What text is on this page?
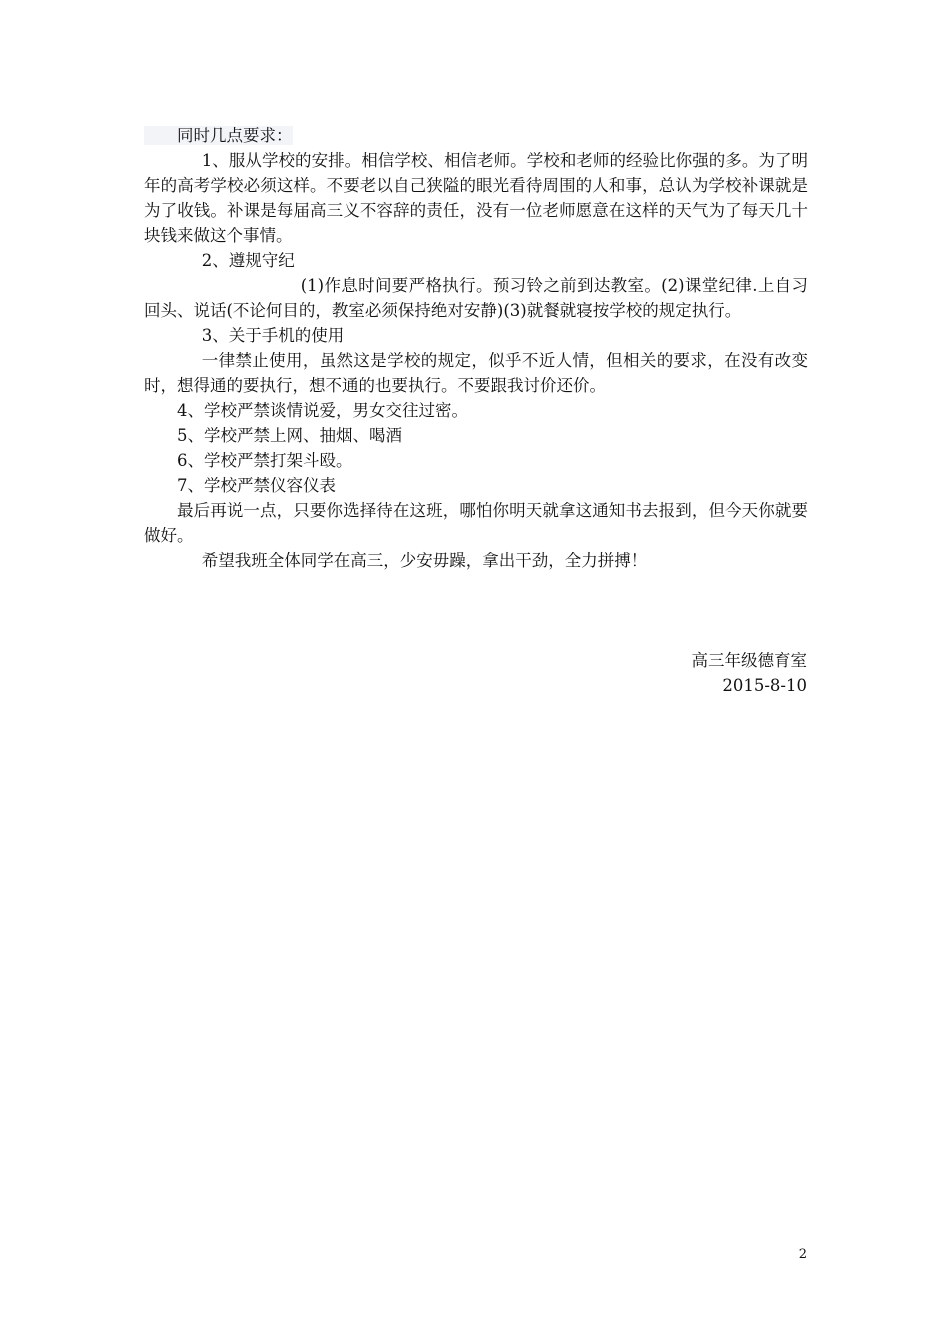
同时几点要求：

1、服从学校的安排。相信学校、相信老师。学校和老师的经验比你强的多。为了明年的高考学校必须这样。不要老以自己狭隘的眼光看待周围的人和事，总认为学校补课就是为了收钱。补课是每届高三义不容辞的责任，没有一位老师愿意在这样的天气为了每天几十块钱来做这个事情。

2、遵规守纪

(1)作息时间要严格执行。预习铃之前到达教室。(2)课堂纪律.上自习回头、说话(不论何目的，教室必须保持绝对安静)(3)就餐就寝按学校的规定执行。

3、关于手机的使用

一律禁止使用，虽然这是学校的规定，似乎不近人情，但相关的要求，在没有改变时，想得通的要执行，想不通的也要执行。不要跟我讨价还价。

4、学校严禁谈情说爱，男女交往过密。

5、学校严禁上网、抽烟、喝酒

6、学校严禁打架斗殴。

7、学校严禁仪容仪表

最后再说一点，只要你选择待在这班，哪怕你明天就拿这通知书去报到，但今天你就要做好。

希望我班全体同学在高三，少安毋躁，拿出干劲，全力拼搏！

高三年级德育室
2015-8-10
2
